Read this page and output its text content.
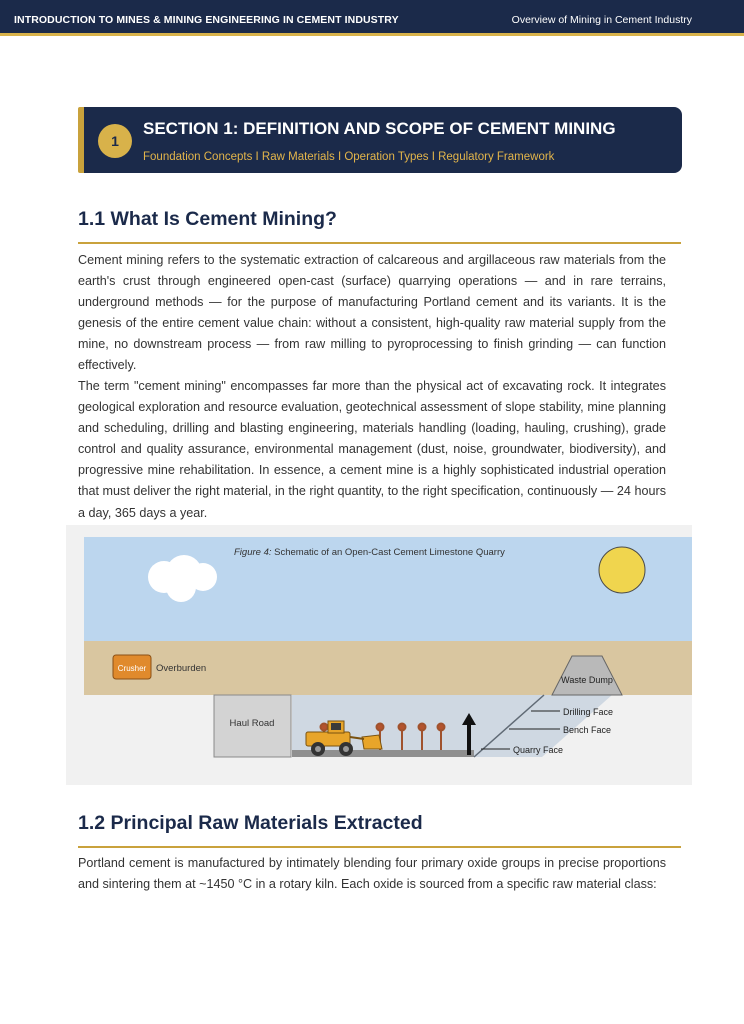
INTRODUCTION TO MINES & MINING ENGINEERING IN CEMENT INDUSTRY	Overview of Mining in Cement Industry
1
SECTION 1: DEFINITION AND SCOPE OF CEMENT MINING
Foundation Concepts I Raw Materials I Operation Types I Regulatory Framework
1.1 What Is Cement Mining?

Cement mining refers to the systematic extraction of calcareous and argillaceous raw materials from the earth's crust through engineered open-cast (surface) quarrying operations — and in rare terrains, underground methods — for the purpose of manufacturing Portland cement and its variants. It is the genesis of the entire cement value chain: without a consistent, high-quality raw material supply from the mine, no downstream process — from raw milling to pyroprocessing to finish grinding — can function effectively.

The term "cement mining" encompasses far more than the physical act of excavating rock. It integrates geological exploration and resource evaluation, geotechnical assessment of slope stability, mine planning and scheduling, drilling and blasting engineering, materials handling (loading, hauling, crushing), grade control and quality assurance, environmental management (dust, noise, groundwater, biodiversity), and progressive mine rehabilitation. In essence, a cement mine is a highly sophisticated industrial operation that must deliver the right material, in the right quantity, to the right specification, continuously — 24 hours a day, 365 days a year.

Haul Road
Figure 4: Schematic of an Open-Cast Cement Limestone Quarry
Crusher Overburden
Waste Dump
Drilling Face
Bench Face
Quarry Face
1.2 Principal Raw Materials Extracted

Portland cement is manufactured by intimately blending four primary oxide groups in precise proportions and sintering them at ~1450 °C in a rotary kiln. Each oxide is sourced from a specific raw material class:
